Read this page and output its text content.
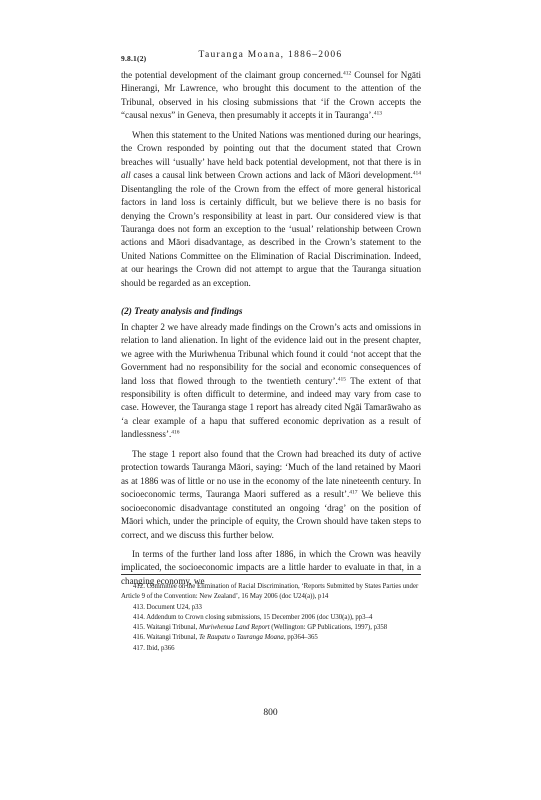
9.8.1(2)	Tauranga Moana, 1886–2006

the potential development of the claimant group concerned.$^{412}$ Counsel for Ngāti Hinerangi, Mr Lawrence, who brought this document to the attention of the Tribunal, observed in his closing submissions that ‘if the Crown accepts the “causal nexus” in Geneva, then presumably it accepts it in Tauranga’.$^{413}$

When this statement to the United Nations was mentioned during our hearings, the Crown responded by pointing out that the document stated that Crown breaches will ‘usually’ have held back potential development, not that there is in all cases a causal link between Crown actions and lack of Māori development.$^{414}$ Disentangling the role of the Crown from the effect of more general historical factors in land loss is certainly difficult, but we believe there is no basis for denying the Crown’s responsibility at least in part. Our considered view is that Tauranga does not form an exception to the ‘usual’ relationship between Crown actions and Māori disadvantage, as described in the Crown’s statement to the United Nations Committee on the Elimination of Racial Discrimination. Indeed, at our hearings the Crown did not attempt to argue that the Tauranga situation should be regarded as an exception.

(2) Treaty analysis and findings

In chapter 2 we have already made findings on the Crown’s acts and omissions in relation to land alienation. In light of the evidence laid out in the present chapter, we agree with the Muriwhenua Tribunal which found it could ‘not accept that the Government had no responsibility for the social and economic consequences of land loss that flowed through to the twentieth century’.$^{415}$ The extent of that responsibility is often difficult to determine, and indeed may vary from case to case. However, the Tauranga stage 1 report has already cited Ngāi Tamarāwaho as ‘a clear example of a hapu that suffered economic deprivation as a result of landlessness’.$^{416}$

The stage 1 report also found that the Crown had breached its duty of active protection towards Tauranga Māori, saying: ‘Much of the land retained by Maori as at 1886 was of little or no use in the economy of the late nineteenth century. In socioeconomic terms, Tauranga Maori suffered as a result’.$^{417}$ We believe this socioeconomic disadvantage constituted an ongoing ‘drag’ on the position of Māori which, under the principle of equity, the Crown should have taken steps to correct, and we discuss this further below.

In terms of the further land loss after 1886, in which the Crown was heavily implicated, the socioeconomic impacts are a little harder to evaluate in that, in a changing economy, we

412. Committee on the Elimination of Racial Discrimination, ‘Reports Submitted by States Parties under Article 9 of the Convention: New Zealand’, 16 May 2006 (doc U24(a)), p14
413. Document U24, p33
414. Addendum to Crown closing submissions, 15 December 2006 (doc U30(a)), pp3–4
415. Waitangi Tribunal, Muriwhenua Land Report (Wellington: GP Publications, 1997), p358
416. Waitangi Tribunal, Te Raupatu o Tauranga Moana, pp364–365
417. Ibid, p366
800
